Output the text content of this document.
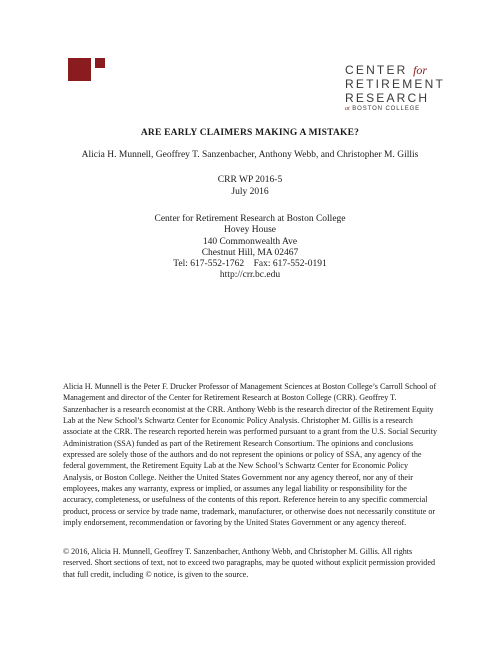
CENTER for
RETIREMENT
RESEARCH
at BOSTON COLLEGE
ARE EARLY CLAIMERS MAKING A MISTAKE?
Alicia H. Munnell, Geoffrey T. Sanzenbacher, Anthony Webb, and Christopher M. Gillis
CRR WP 2016-5
July 2016
Center for Retirement Research at Boston College
Hovey House
140 Commonwealth Ave
Chestnut Hill, MA 02467
Tel: 617-552-1762    Fax: 617-552-0191
http://crr.bc.edu
Alicia H. Munnell is the Peter F. Drucker Professor of Management Sciences at Boston College’s Carroll School of Management and director of the Center for Retirement Research at Boston College (CRR). Geoffrey T. Sanzenbacher is a research economist at the CRR. Anthony Webb is the research director of the Retirement Equity Lab at the New School’s Schwartz Center for Economic Policy Analysis. Christopher M. Gillis is a research associate at the CRR. The research reported herein was performed pursuant to a grant from the U.S. Social Security Administration (SSA) funded as part of the Retirement Research Consortium. The opinions and conclusions expressed are solely those of the authors and do not represent the opinions or policy of SSA, any agency of the federal government, the Retirement Equity Lab at the New School’s Schwartz Center for Economic Policy Analysis, or Boston College. Neither the United States Government nor any agency thereof, nor any of their employees, makes any warranty, express or implied, or assumes any legal liability or responsibility for the accuracy, completeness, or usefulness of the contents of this report. Reference herein to any specific commercial product, process or service by trade name, trademark, manufacturer, or otherwise does not necessarily constitute or imply endorsement, recommendation or favoring by the United States Government or any agency thereof.
© 2016, Alicia H. Munnell, Geoffrey T. Sanzenbacher, Anthony Webb, and Christopher M. Gillis. All rights reserved. Short sections of text, not to exceed two paragraphs, may be quoted without explicit permission provided that full credit, including © notice, is given to the source.
